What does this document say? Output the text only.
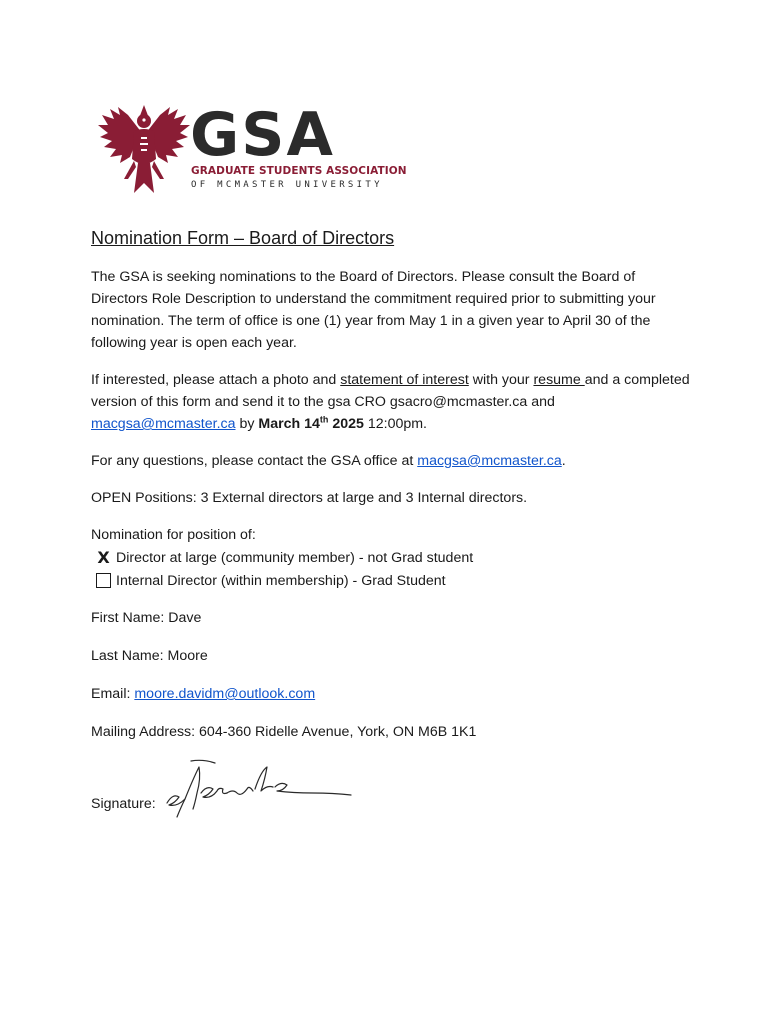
GSA
GRADUATE STUDENTS ASSOCIATION
OF MCMASTER UNIVERSITY
Nomination Form – Board of Directors

The GSA is seeking nominations to the Board of Directors. Please consult the Board of Directors Role Description to understand the commitment required prior to submitting your nomination. The term of office is one (1) year from May 1 in a given year to April 30 of the following year is open each year.

If interested, please attach a photo and statement of interest with your resume and a completed version of this form and send it to the gsa CRO gsacro@mcmaster.ca and macgsa@mcmaster.ca by March 14th 2025 12:00pm.

For any questions, please contact the GSA office at macgsa@mcmaster.ca.

OPEN Positions: 3 External directors at large and 3 Internal directors.

Nomination for position of:
X Director at large (community member) - not Grad student
Internal Director (within membership) - Grad Student
First Name: Dave
Last Name: Moore
Email: moore.davidm@outlook.com
Mailing Address: 604-360 Ridelle Avenue, York, ON M6B 1K1
Signature:
